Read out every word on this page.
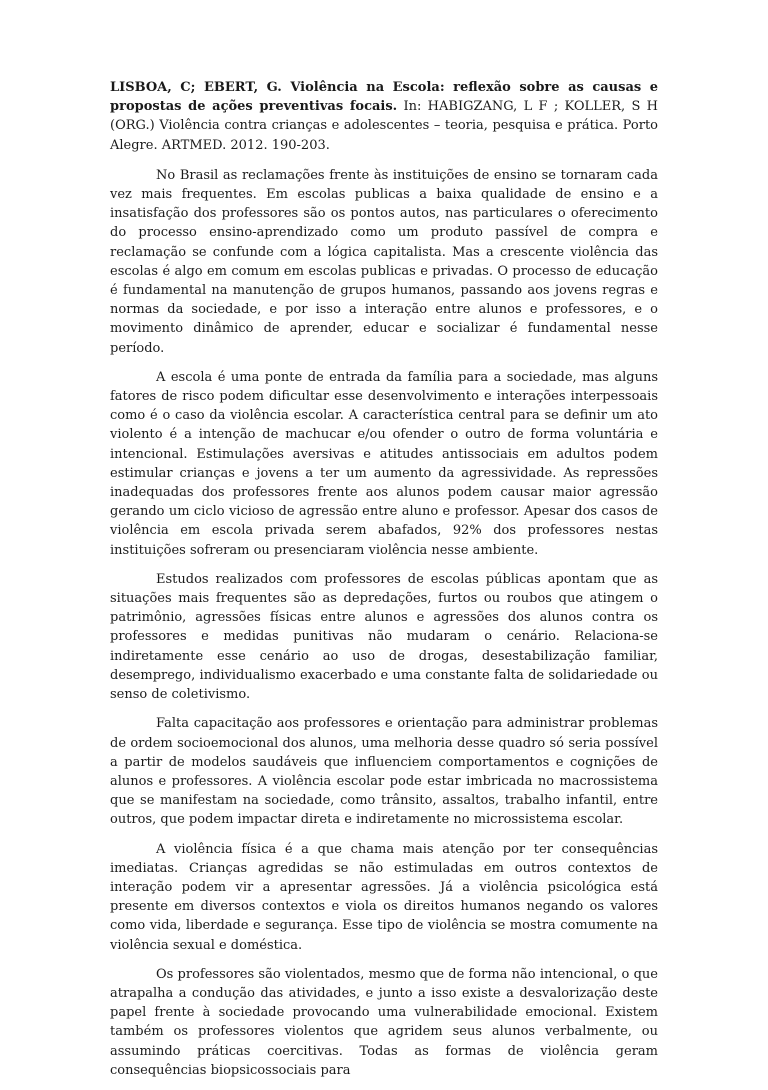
LISBOA, C; EBERT, G. Violência na Escola: reflexão sobre as causas e propostas de ações preventivas focais. In: HABIGZANG, L F ; KOLLER, S H (ORG.) Violência contra crianças e adolescentes – teoria, pesquisa e prática. Porto Alegre. ARTMED. 2012. 190-203.

No Brasil as reclamações frente às instituições de ensino se tornaram cada vez mais frequentes. Em escolas publicas a baixa qualidade de ensino e a insatisfação dos professores são os pontos autos, nas particulares o oferecimento do processo ensino-aprendizado como um produto passível de compra e reclamação se confunde com a lógica capitalista. Mas a crescente violência das escolas é algo em comum em escolas publicas e privadas. O processo de educação é fundamental na manutenção de grupos humanos, passando aos jovens regras e normas da sociedade, e por isso a interação entre alunos e professores, e o movimento dinâmico de aprender, educar e socializar é fundamental nesse período.

A escola é uma ponte de entrada da família para a sociedade, mas alguns fatores de risco podem dificultar esse desenvolvimento e interações interpessoais como é o caso da violência escolar. A característica central para se definir um ato violento é a intenção de machucar e/ou ofender o outro de forma voluntária e intencional. Estimulações aversivas e atitudes antissociais em adultos podem estimular crianças e jovens a ter um aumento da agressividade. As repressões inadequadas dos professores frente aos alunos podem causar maior agressão gerando um ciclo vicioso de agressão entre aluno e professor. Apesar dos casos de violência em escola privada serem abafados, 92% dos professores nestas instituições sofreram ou presenciaram violência nesse ambiente.

Estudos realizados com professores de escolas públicas apontam que as situações mais frequentes são as depredações, furtos ou roubos que atingem o patrimônio, agressões físicas entre alunos e agressões dos alunos contra os professores e medidas punitivas não mudaram o cenário. Relaciona-se indiretamente esse cenário ao uso de drogas, desestabilização familiar, desemprego, individualismo exacerbado e uma constante falta de solidariedade ou senso de coletivismo.

Falta capacitação aos professores e orientação para administrar problemas de ordem socioemocional dos alunos, uma melhoria desse quadro só seria possível a partir de modelos saudáveis que influenciem comportamentos e cognições de alunos e professores. A violência escolar pode estar imbricada no macrossistema que se manifestam na sociedade, como trânsito, assaltos, trabalho infantil, entre outros, que podem impactar direta e indiretamente no microssistema escolar.

A violência física é a que chama mais atenção por ter consequências imediatas. Crianças agredidas se não estimuladas em outros contextos de interação podem vir a apresentar agressões. Já a violência psicológica está presente em diversos contextos e viola os direitos humanos negando os valores como vida, liberdade e segurança. Esse tipo de violência se mostra comumente na violência sexual e doméstica.

Os professores são violentados, mesmo que de forma não intencional, o que atrapalha a condução das atividades, e junto a isso existe a desvalorização deste papel frente à sociedade provocando uma vulnerabilidade emocional. Existem também os professores violentos que agridem seus alunos verbalmente, ou assumindo práticas coercitivas. Todas as formas de violência geram consequências biopsicossociais para
